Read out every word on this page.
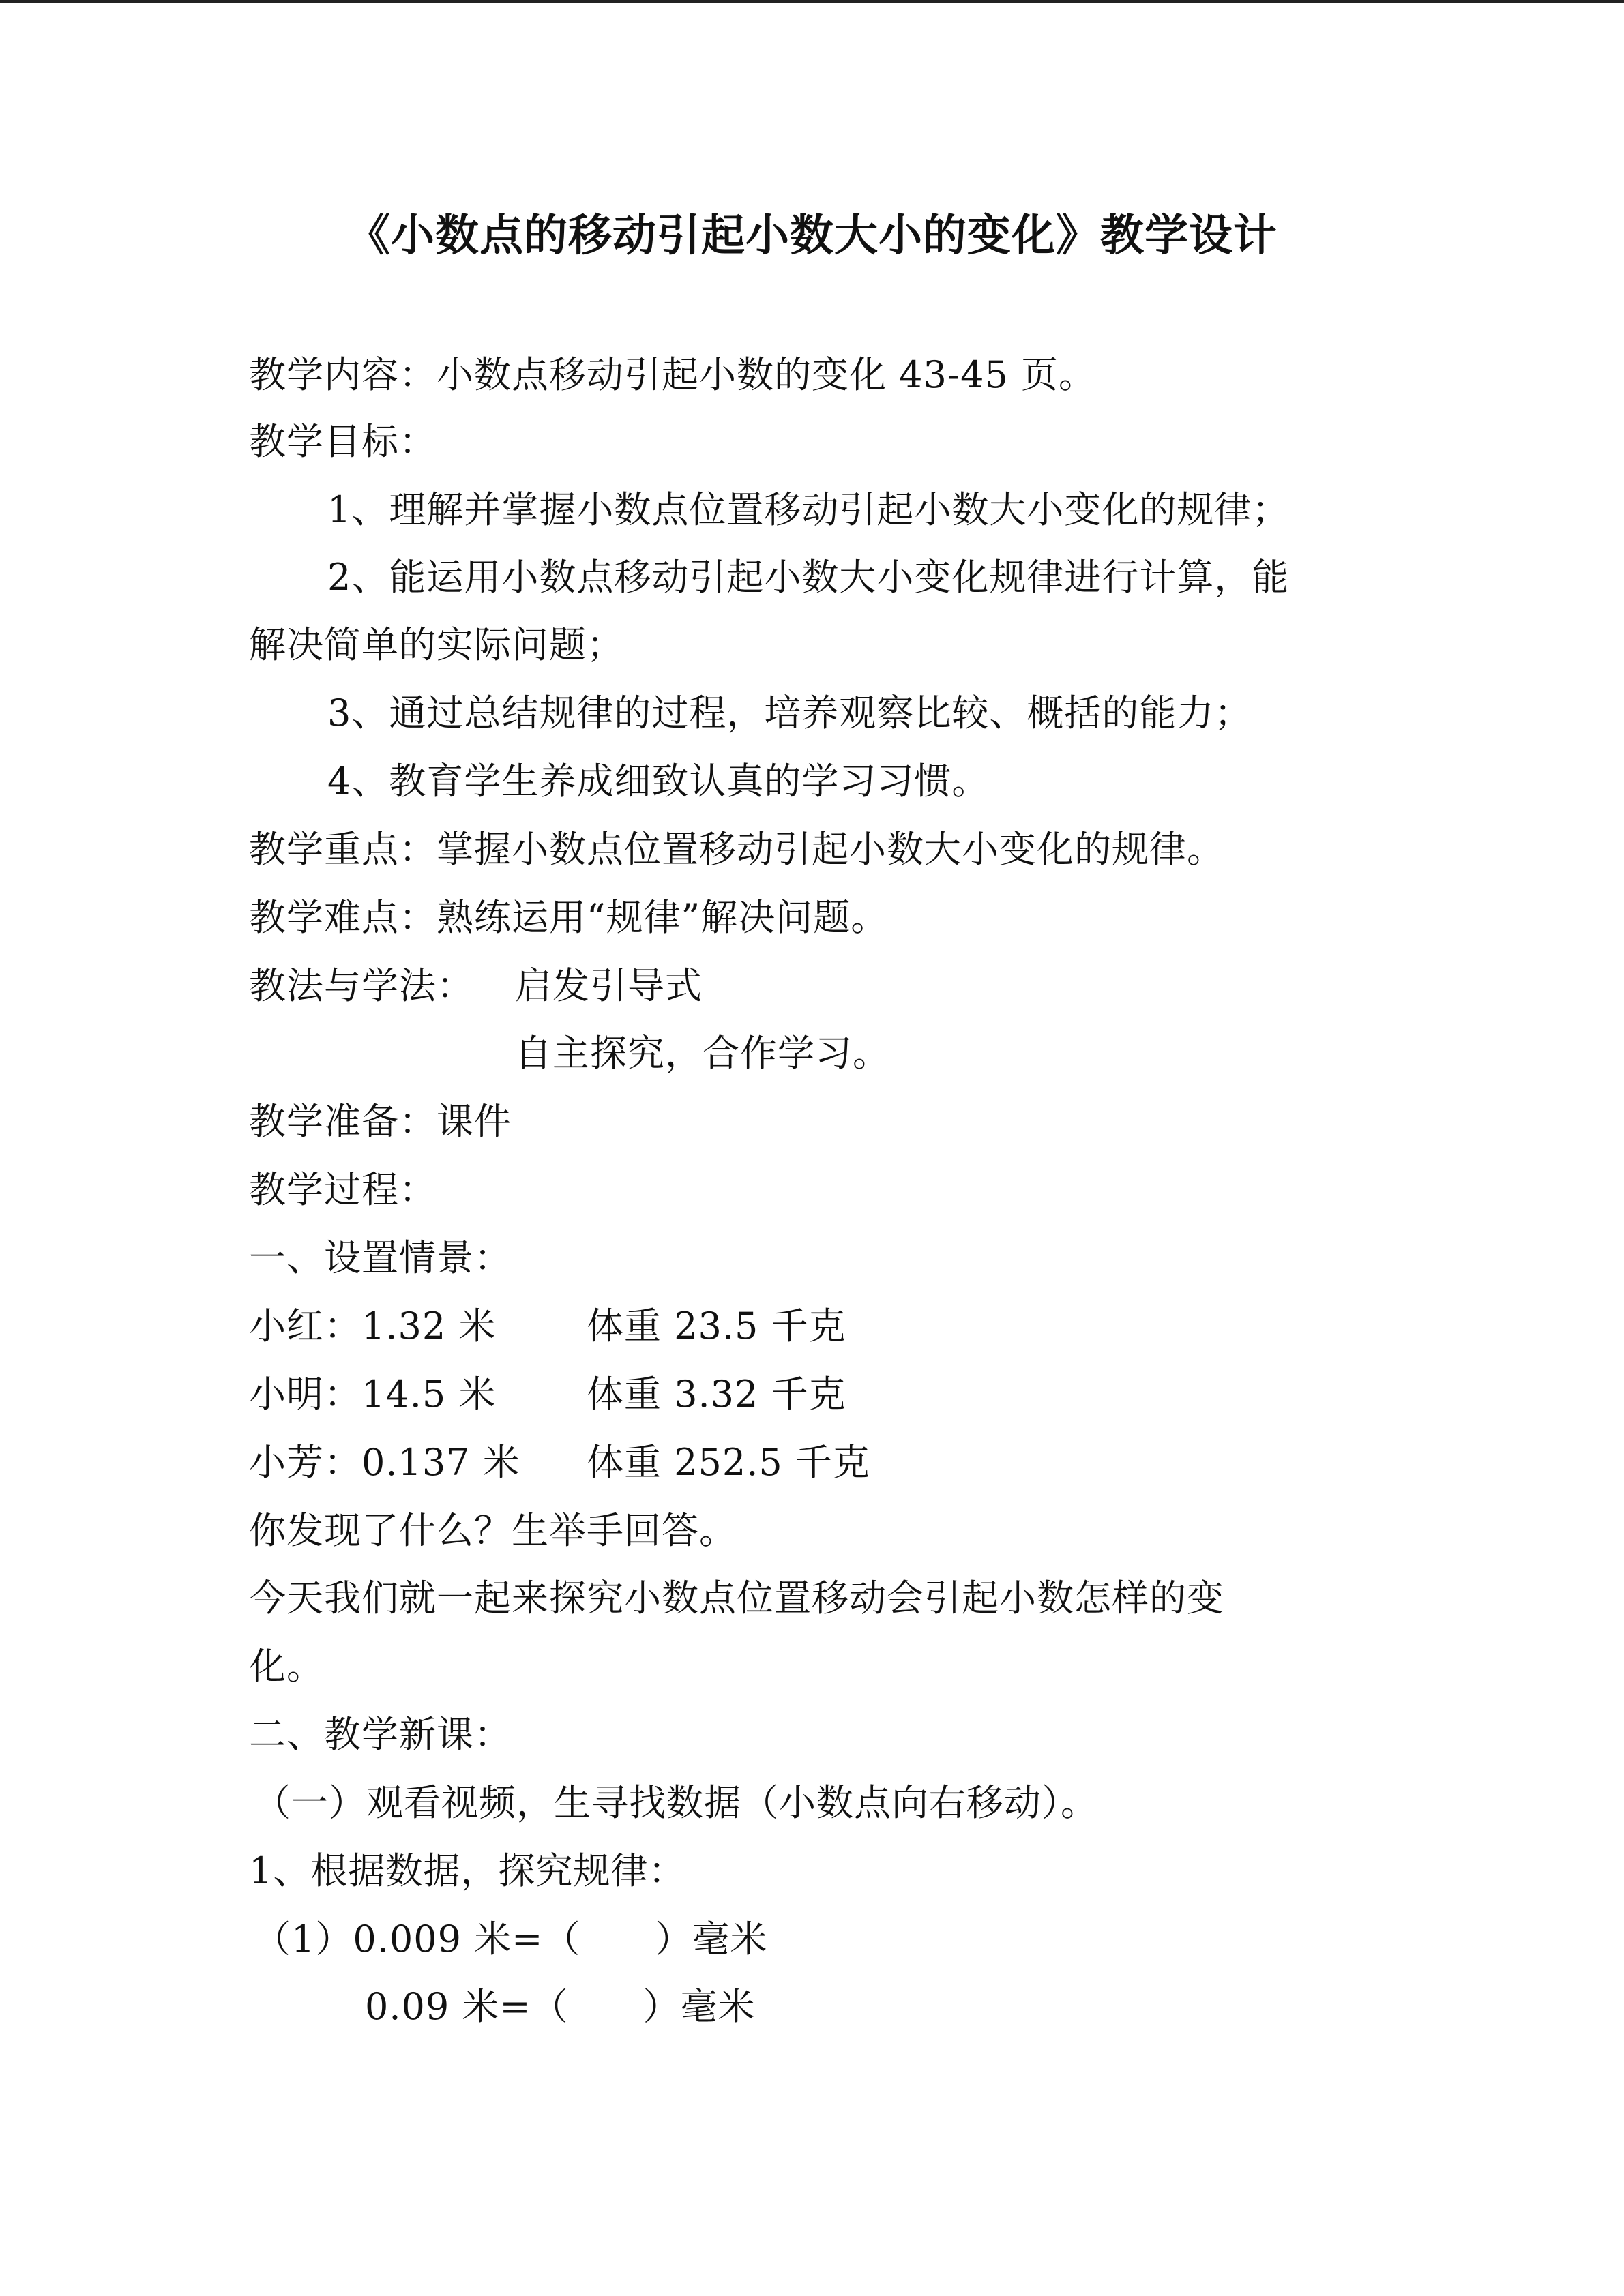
《小数点的移动引起小数大小的变化》教学设计
教学内容：小数点移动引起小数的变化 43-45 页。
教学目标：
1、理解并掌握小数点位置移动引起小数大小变化的规律；
2、能运用小数点移动引起小数大小变化规律进行计算，能
解决简单的实际问题；
3、通过总结规律的过程，培养观察比较、概括的能力；
4、教育学生养成细致认真的学习习惯。
教学重点：掌握小数点位置移动引起小数大小变化的规律。
教学难点：熟练运用“规律”解决问题。
教法与学法： 启发引导式
自主探究，合作学习。
教学准备：课件
教学过程：
一、设置情景：
小红：1.32 米 体重 23.5 千克
小明：14.5 米 体重 3.32 千克
小芳：0.137 米 体重 252.5 千克
你发现了什么？生举手回答。
今天我们就一起来探究小数点位置移动会引起小数怎样的变
化。
二、教学新课：
（一）观看视频，生寻找数据（小数点向右移动）。
1、根据数据，探究规律：
（1）0.009 米=（      ）毫米
0.09 米=（      ）毫米
